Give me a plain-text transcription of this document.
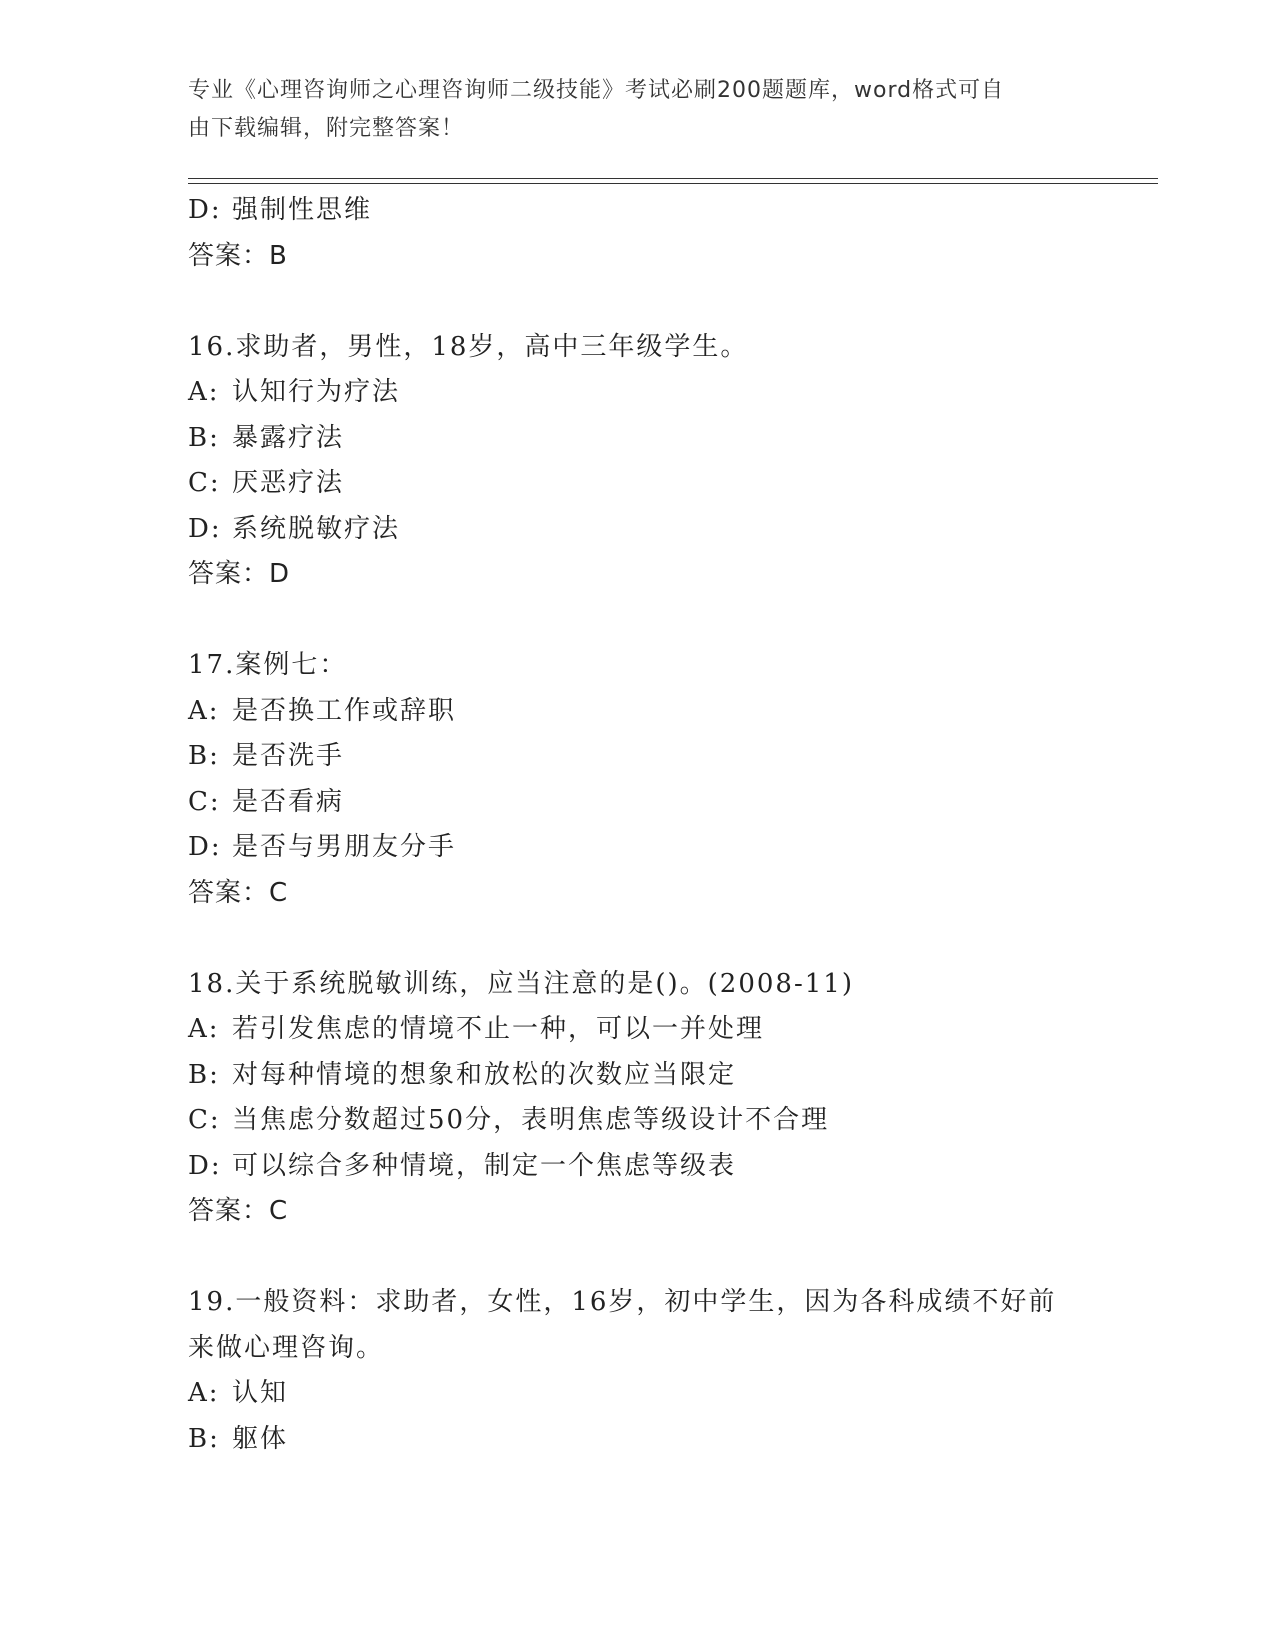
专业《心理咨询师之心理咨询师二级技能》考试必刷200题题库，word格式可自
由下载编辑，附完整答案！
D: 强制性思维
答案：B
16.求助者，男性，18岁，高中三年级学生。
A: 认知行为疗法
B: 暴露疗法
C: 厌恶疗法
D: 系统脱敏疗法
答案：D
17.案例七：
A: 是否换工作或辞职
B: 是否洗手
C: 是否看病
D: 是否与男朋友分手
答案：C
18.关于系统脱敏训练，应当注意的是()。(2008-11)
A: 若引发焦虑的情境不止一种，可以一并处理
B: 对每种情境的想象和放松的次数应当限定
C: 当焦虑分数超过50分，表明焦虑等级设计不合理
D: 可以综合多种情境，制定一个焦虑等级表
答案：C
19.一般资料：求助者，女性，16岁，初中学生，因为各科成绩不好前
来做心理咨询。
A: 认知
B: 躯体
